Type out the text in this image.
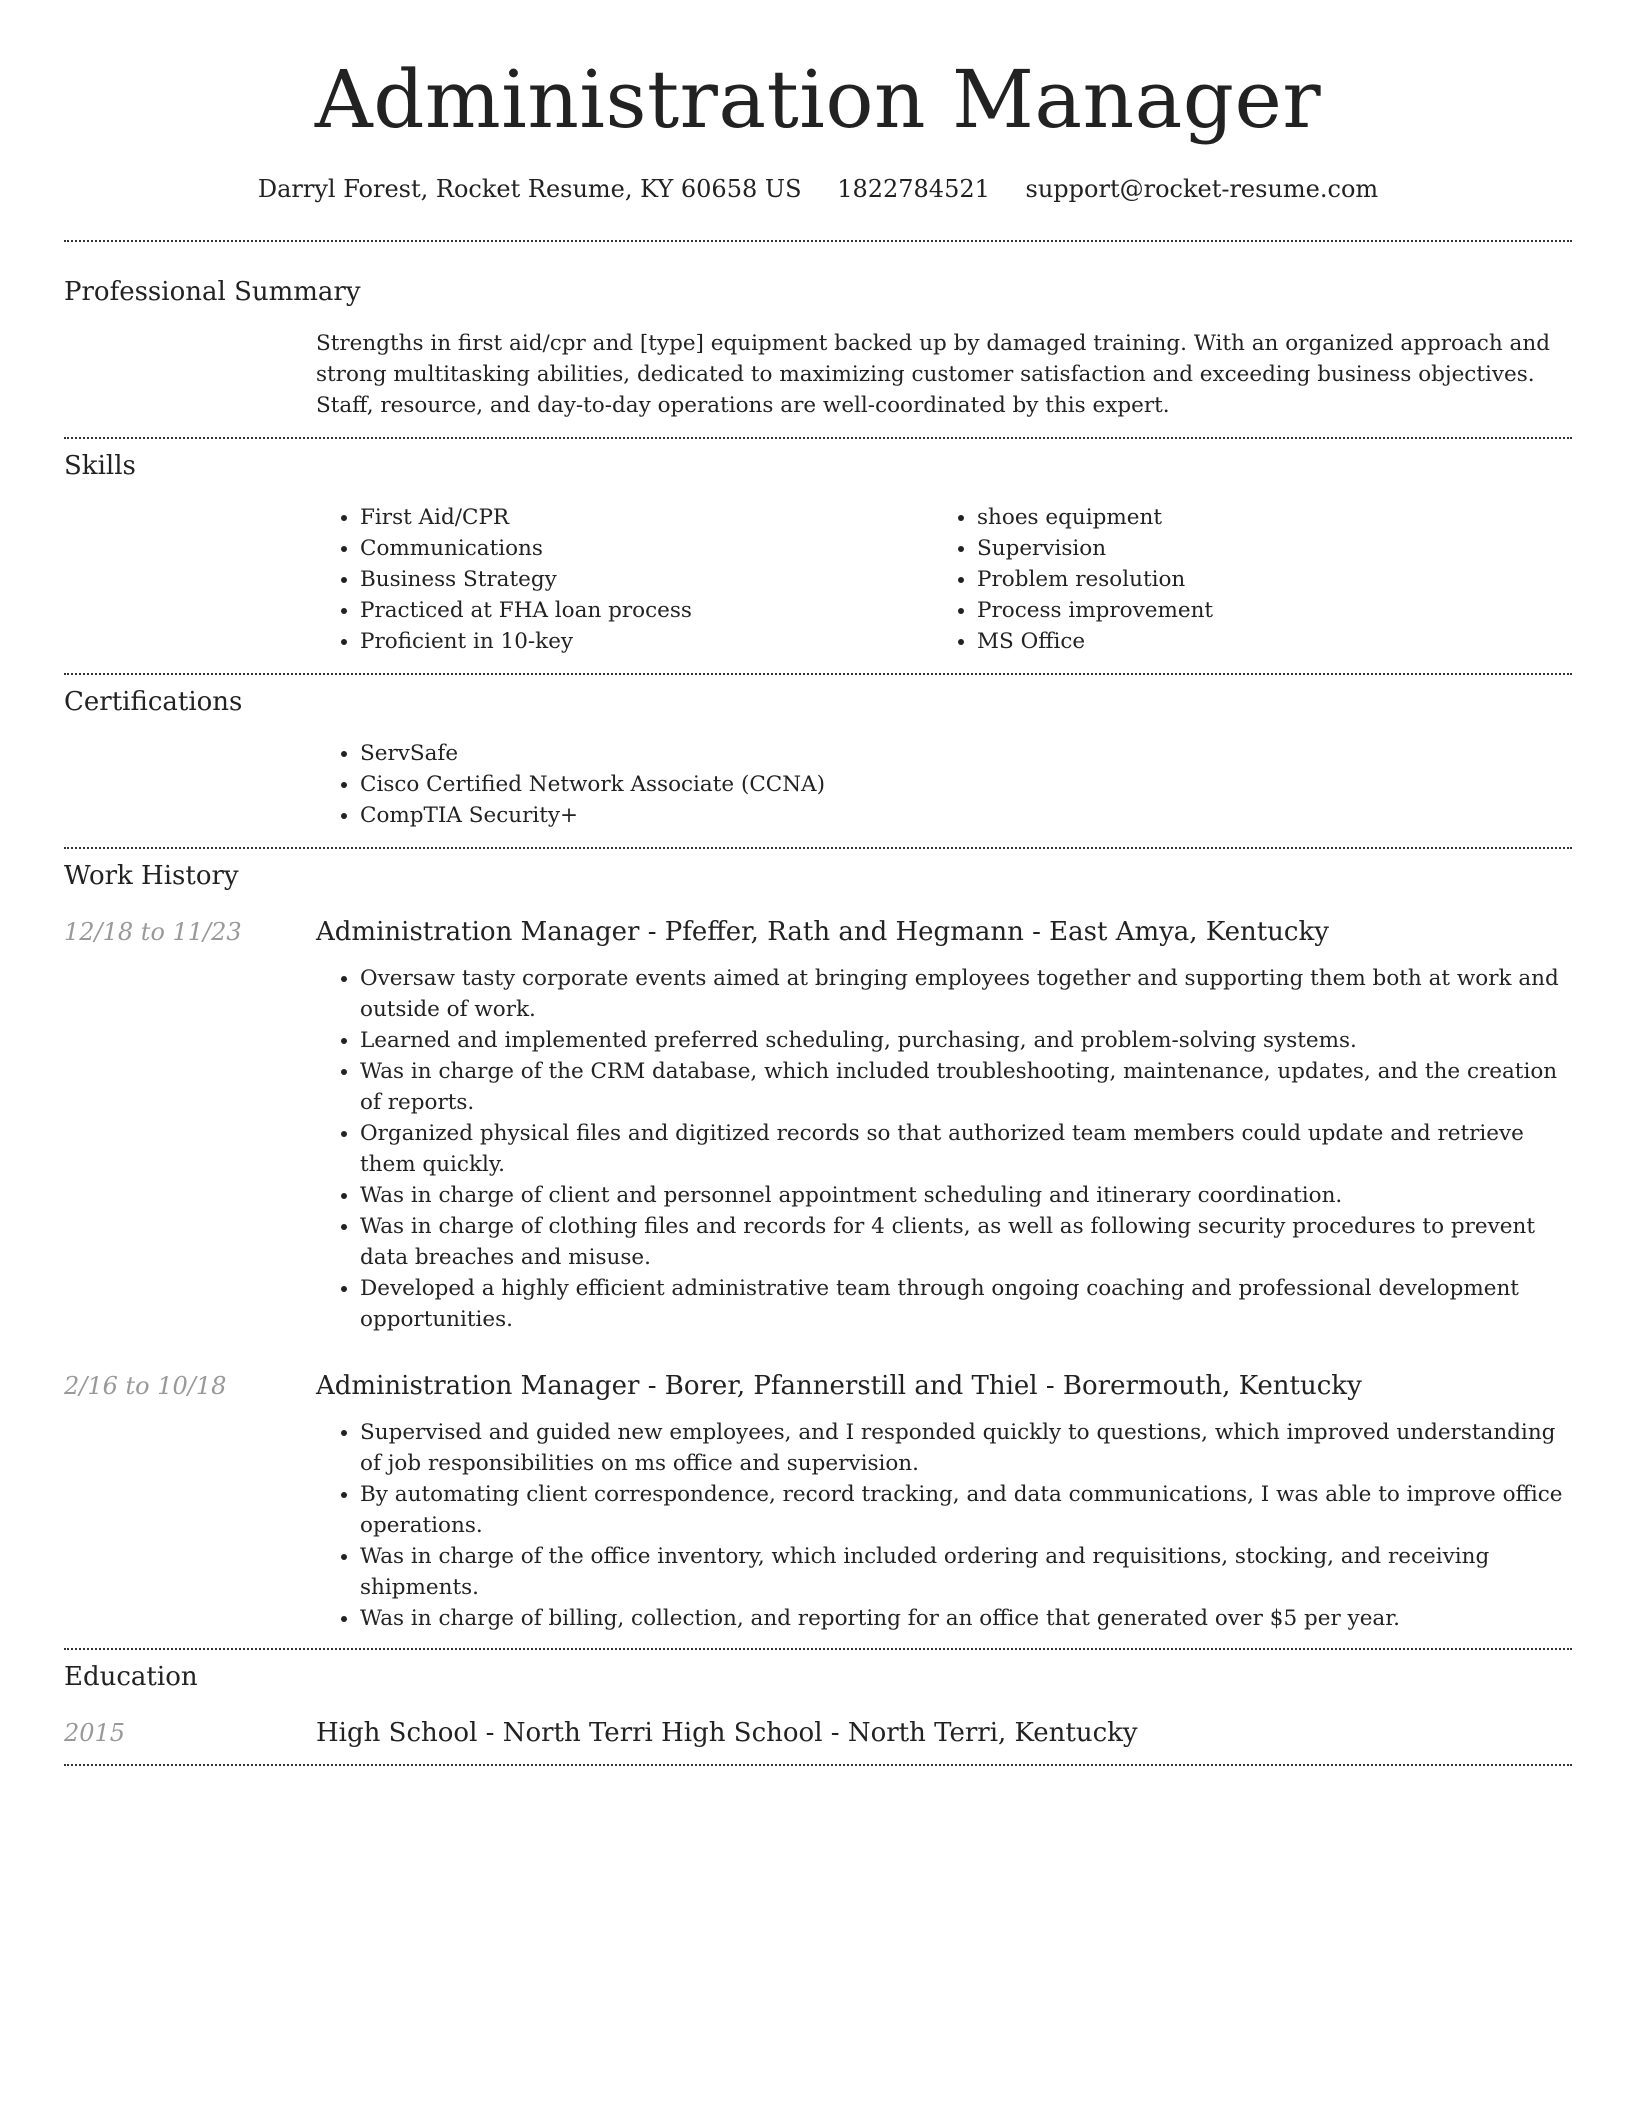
Administration Manager
Darryl Forest, Rocket Resume, KY 60658 US 1822784521 support@rocket-resume.com
Professional Summary

Strengths in first aid/cpr and [type] equipment backed up by damaged training. With an organized approach and strong multitasking abilities, dedicated to maximizing customer satisfaction and exceeding business objectives. Staff, resource, and day-to-day operations are well-coordinated by this expert.

Skills
• First Aid/CPR
• Communications
• Business Strategy
• Practiced at FHA loan process
• Proficient in 10-key
• shoes equipment
• Supervision
• Problem resolution
• Process improvement
• MS Office
Certifications
• ServSafe
• Cisco Certified Network Associate (CCNA)
• CompTIA Security+
Work History
12/18 to 11/23	Administration Manager - Pfeffer, Rath and Hegmann - East Amya, Kentucky
• Oversaw tasty corporate events aimed at bringing employees together and supporting them both at work and outside of work.
• Learned and implemented preferred scheduling, purchasing, and problem-solving systems.
• Was in charge of the CRM database, which included troubleshooting, maintenance, updates, and the creation of reports.
• Organized physical files and digitized records so that authorized team members could update and retrieve them quickly.
• Was in charge of client and personnel appointment scheduling and itinerary coordination.
• Was in charge of clothing files and records for 4 clients, as well as following security procedures to prevent data breaches and misuse.
• Developed a highly efficient administrative team through ongoing coaching and professional development opportunities.
2/16 to 10/18	Administration Manager - Borer, Pfannerstill and Thiel - Borermouth, Kentucky
• Supervised and guided new employees, and I responded quickly to questions, which improved understanding of job responsibilities on ms office and supervision.
• By automating client correspondence, record tracking, and data communications, I was able to improve office operations.
• Was in charge of the office inventory, which included ordering and requisitions, stocking, and receiving shipments.
• Was in charge of billing, collection, and reporting for an office that generated over $5 per year.
Education
2015	High School - North Terri High School - North Terri, Kentucky
